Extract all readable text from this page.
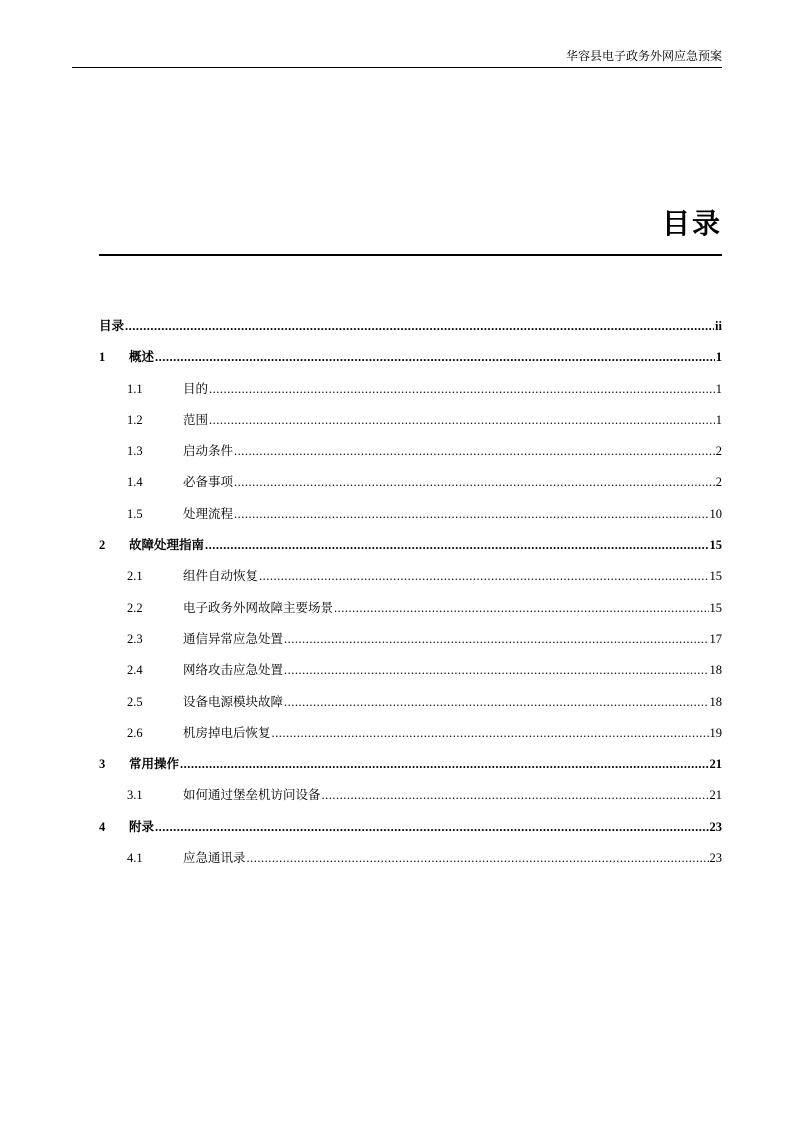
华容县电子政务外网应急预案
目录
目录 .....	ii
1	概述 .....	1
1.1	目的 .....	1
1.2	范围 .....	1
1.3	启动条件 .....	2
1.4	必备事项 .....	2
1.5	处理流程 .....	10
2	故障处理指南 .....	15
2.1	组件自动恢复 .....	15
2.2	电子政务外网故障主要场景 .....	15
2.3	通信异常应急处置 .....	17
2.4	网络攻击应急处置 .....	18
2.5	设备电源模块故障 .....	18
2.6	机房掉电后恢复 .....	19
3	常用操作 .....	21
3.1	如何通过堡垒机访问设备 .....	21
4	附录 .....	23
4.1	应急通讯录 .....	23
